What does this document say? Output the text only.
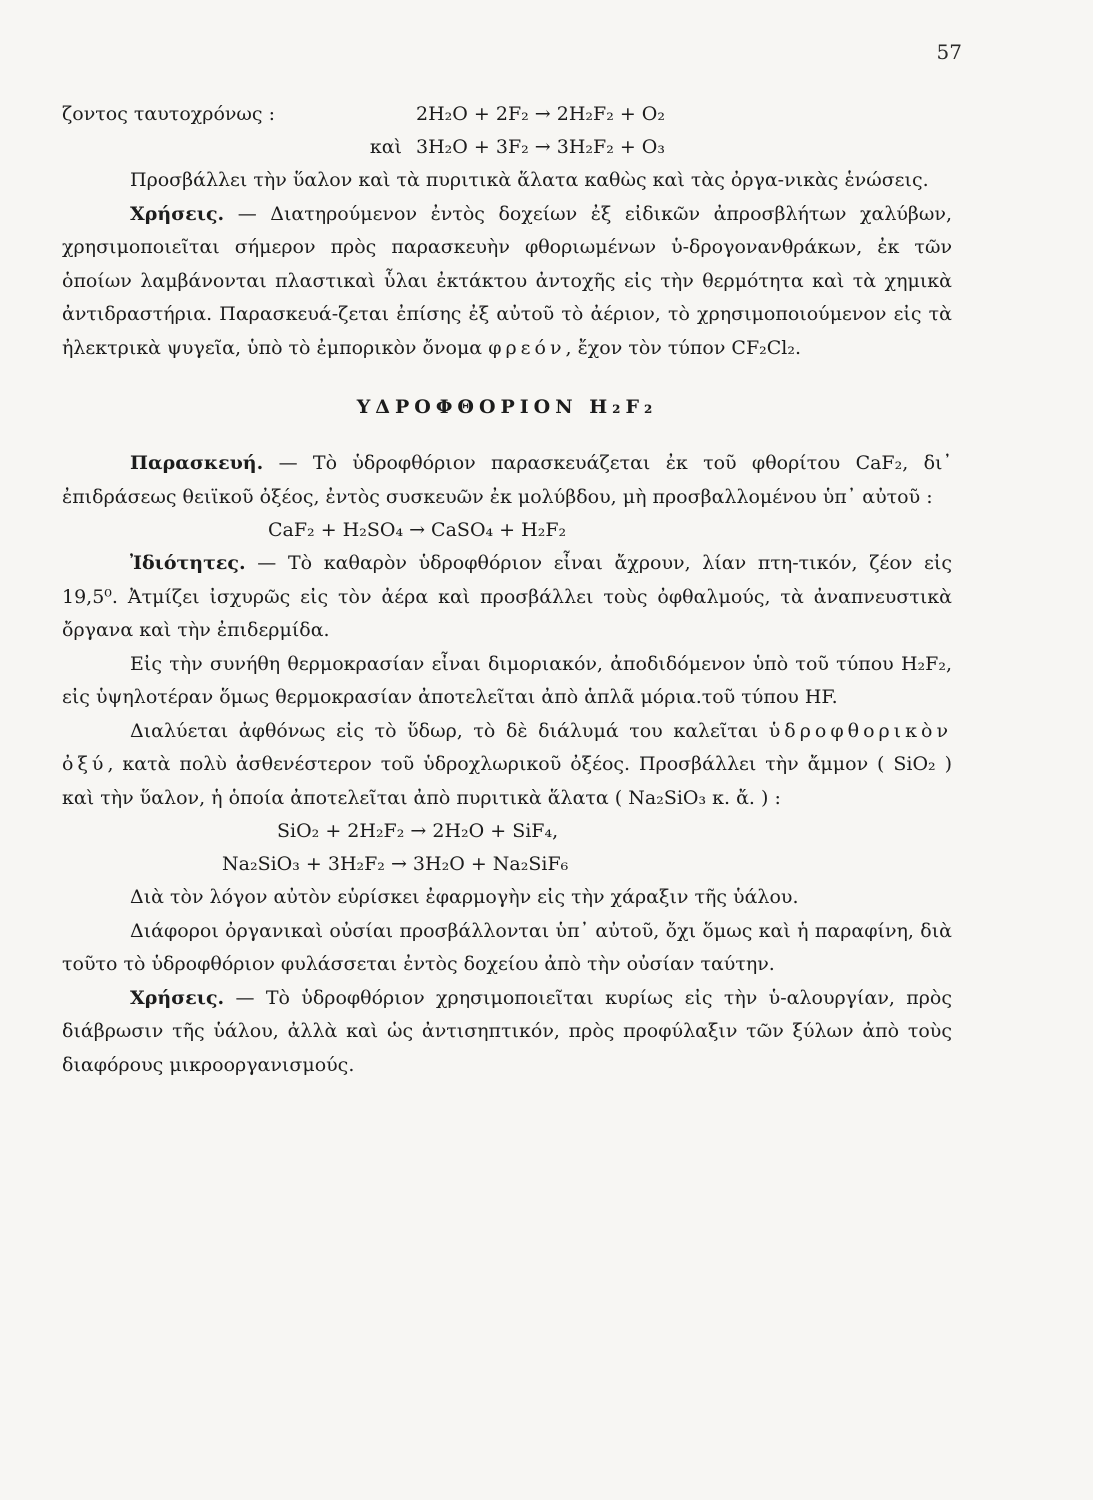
57
ζοντος ταυτοχρόνως :	2H₂O + 2F₂ → 2H₂F₂ + O₂
καὶ 3H₂O + 3F₂ → 3H₂F₂ + O₃

Προσβάλλει τὴν ὕαλον καὶ τὰ πυριτικὰ ἅλατα καθὼς καὶ τὰς ὀργα-νικὰς ἑνώσεις.

Χρήσεις. — Διατηρούμενον ἐντὸς δοχείων ἐξ εἰδικῶν ἀπροσβλήτων χαλύβων, χρησιμοποιεῖται σήμερον πρὸς παρασκευὴν φθοριωμένων ὑ-δρογονανθράκων, ἐκ τῶν ὁποίων λαμβάνονται πλαστικαὶ ὗλαι ἐκτάκτου ἀντοχῆς εἰς τὴν θερμότητα καὶ τὰ χημικὰ ἀντιδραστήρια. Παρασκευά-ζεται ἐπίσης ἐξ αὐτοῦ τὸ ἀέριον, τὸ χρησιμοποιούμενον εἰς τὰ ἠλεκτρικὰ ψυγεῖα, ὑπὸ τὸ ἐμπορικὸν ὄνομα φρεόν, ἔχον τὸν τύπον CF₂Cl₂.

ΥΔΡΟΦΘΟΡΙΟΝ H₂F₂

Παρασκευή. — Τὸ ὑδροφθόριον παρασκευάζεται ἐκ τοῦ φθορίτου CaF₂, δι᾿ ἐπιδράσεως θειϊκοῦ ὀξέος, ἐντὸς συσκευῶν ἐκ μολύβδου, μὴ προσβαλλομένου ὑπ᾿ αὐτοῦ :

CaF₂ + H₂SO₄ → CaSO₄ + H₂F₂

Ἰδιότητες. — Τὸ καθαρὸν ὑδροφθόριον εἶναι ἄχρουν, λίαν πτη-τικόν, ζέον εἰς 19,5⁰. Ἀτμίζει ἰσχυρῶς εἰς τὸν ἀέρα καὶ προσβάλλει τοὺς ὀφθαλμούς, τὰ ἀναπνευστικὰ ὄργανα καὶ τὴν ἐπιδερμίδα.

Εἰς τὴν συνήθη θερμοκρασίαν εἶναι διμοριακόν, ἀποδιδόμενον ὑπὸ τοῦ τύπου H₂F₂, εἰς ὑψηλοτέραν ὅμως θερμοκρασίαν ἀποτελεῖται ἀπὸ ἁπλᾶ μόρια.τοῦ τύπου HF.

Διαλύεται ἀφθόνως εἰς τὸ ὕδωρ, τὸ δὲ διάλυμά του καλεῖται ὑδροφθορικὸν ὀξύ, κατὰ πολὺ ἀσθενέστερον τοῦ ὑδροχλωρικοῦ ὀξέος. Προσβάλλει τὴν ἄμμον ( SiO₂ ) καὶ τὴν ὕαλον, ἡ ὁποία ἀποτελεῖται ἀπὸ πυριτικὰ ἅλατα ( Na₂SiO₃ κ. ἄ. ) :

SiO₂ + 2H₂F₂ → 2H₂O + SiF₄,
Na₂SiO₃ + 3H₂F₂ → 3H₂O + Na₂SiF₆

Διὰ τὸν λόγον αὐτὸν εὑρίσκει ἐφαρμογὴν εἰς τὴν χάραξιν τῆς ὑάλου.

Διάφοροι ὀργανικαὶ οὐσίαι προσβάλλονται ὑπ᾿ αὐτοῦ, ὄχι ὅμως καὶ ἡ παραφίνη, διὰ τοῦτο τὸ ὑδροφθόριον φυλάσσεται ἐντὸς δοχείου ἀπὸ τὴν οὐσίαν ταύτην.

Χρήσεις. — Τὸ ὑδροφθόριον χρησιμοποιεῖται κυρίως εἰς τὴν ὑ-αλουργίαν, πρὸς διάβρωσιν τῆς ὑάλου, ἀλλὰ καὶ ὡς ἀντισηπτικόν, πρὸς προφύλαξιν τῶν ξύλων ἀπὸ τοὺς διαφόρους μικροοργανισμούς.
